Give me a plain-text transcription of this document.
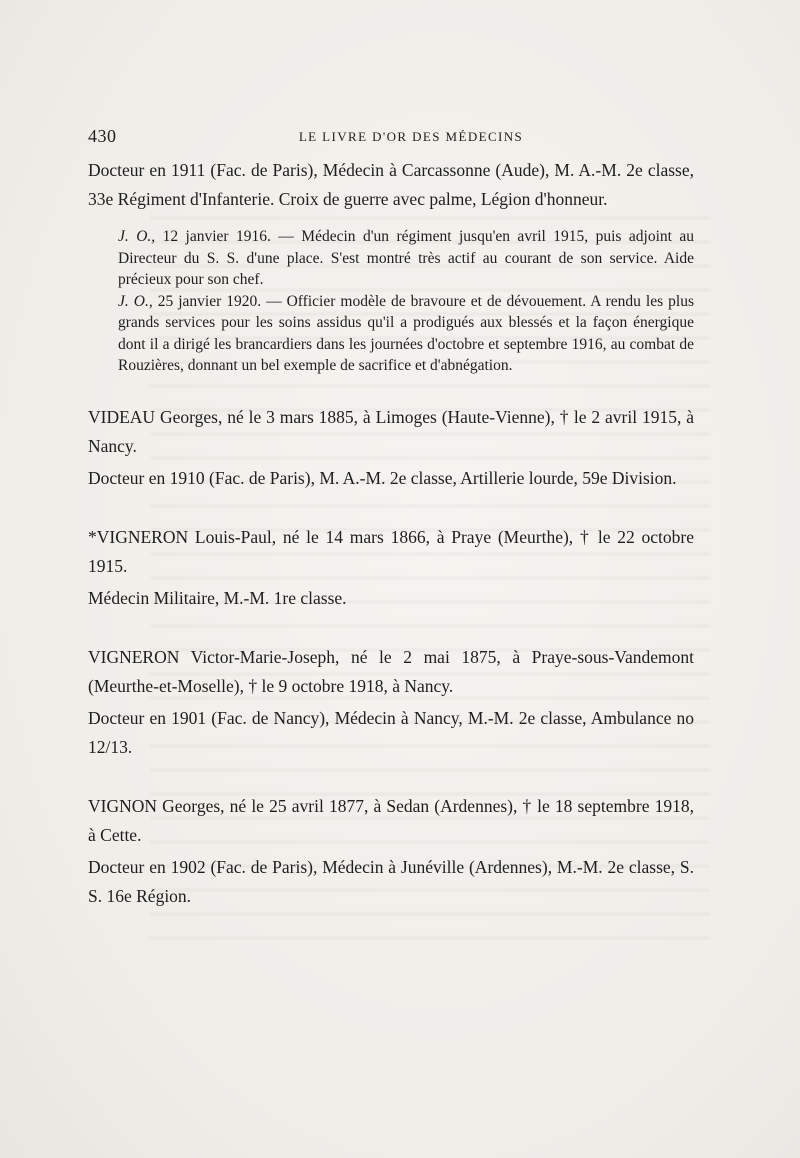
430	LE LIVRE D'OR DES MÉDECINS

Docteur en 1911 (Fac. de Paris), Médecin à Carcassonne (Aude), M. A.-M. 2e classe, 33e Régiment d'Infanterie. Croix de guerre avec palme, Légion d'honneur.

J. O., 12 janvier 1916. — Médecin d'un régiment jusqu'en avril 1915, puis adjoint au Directeur du S. S. d'une place. S'est montré très actif au courant de son service. Aide précieux pour son chef.

J. O., 25 janvier 1920. — Officier modèle de bravoure et de dévouement. A rendu les plus grands services pour les soins assidus qu'il a prodigués aux blessés et la façon énergique dont il a dirigé les brancardiers dans les journées d'octobre et septembre 1916, au combat de Rouzières, donnant un bel exemple de sacrifice et d'abnégation.

VIDEAU Georges, né le 3 mars 1885, à Limoges (Haute-Vienne), † le 2 avril 1915, à Nancy.

Docteur en 1910 (Fac. de Paris), M. A.-M. 2e classe, Artillerie lourde, 59e Division.

*VIGNERON Louis-Paul, né le 14 mars 1866, à Praye (Meurthe), † le 22 octobre 1915.

Médecin Militaire, M.-M. 1re classe.

VIGNERON Victor-Marie-Joseph, né le 2 mai 1875, à Praye-sous-Vandemont (Meurthe-et-Moselle), † le 9 octobre 1918, à Nancy.

Docteur en 1901 (Fac. de Nancy), Médecin à Nancy, M.-M. 2e classe, Ambulance no 12/13.

VIGNON Georges, né le 25 avril 1877, à Sedan (Ardennes), † le 18 septembre 1918, à Cette.

Docteur en 1902 (Fac. de Paris), Médecin à Junéville (Ardennes), M.-M. 2e classe, S. S. 16e Région.
